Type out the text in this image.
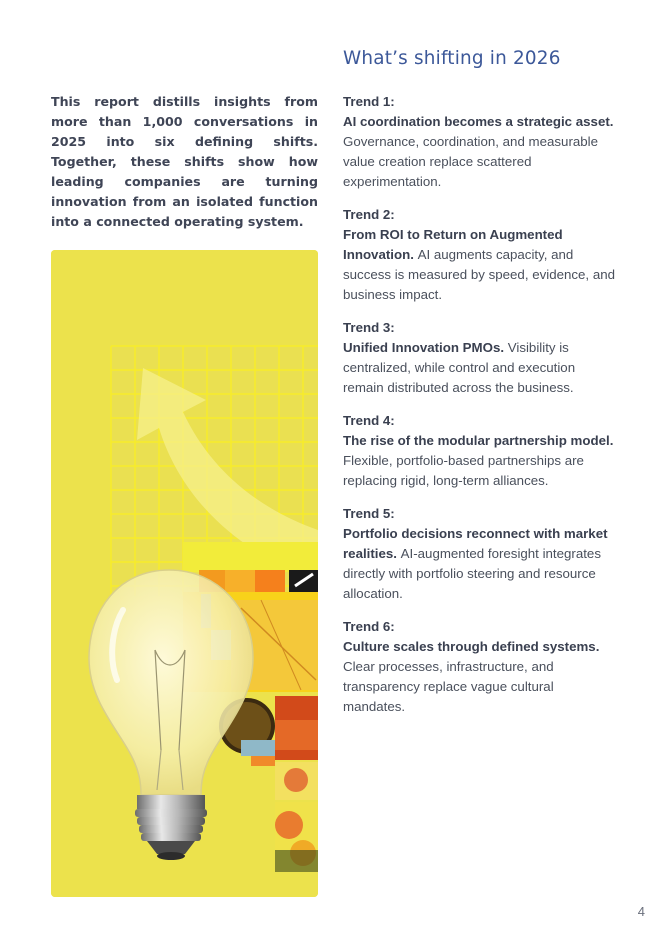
This report distills insights from more than 1,000 conversations in 2025 into six defining shifts. Together, these shifts show how leading companies are turning innovation from an isolated function into a connected operating system.

What’s shifting in 2026
Trend 1:
AI coordination becomes a strategic asset. Governance, coordination, and measurable value creation replace scattered experimentation.
Trend 2:
From ROI to Return on Augmented Innovation. AI augments capacity, and success is measured by speed, evidence, and business impact.
Trend 3:
Unified Innovation PMOs. Visibility is centralized, while control and execution remain distributed across the business.
Trend 4:
The rise of the modular partnership model. Flexible, portfolio-based partnerships are replacing rigid, long-term alliances.
Trend 5:
Portfolio decisions reconnect with market realities. AI-augmented foresight integrates directly with portfolio steering and resource allocation.
Trend 6:
Culture scales through defined systems. Clear processes, infrastructure, and transparency replace vague cultural mandates.
4
